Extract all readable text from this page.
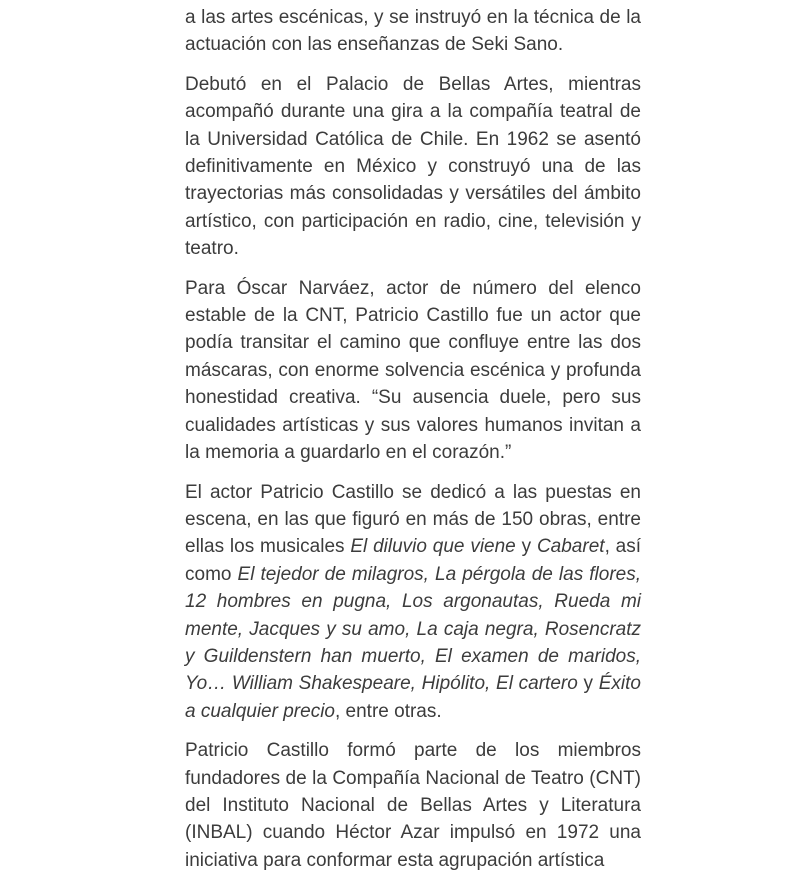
a las artes escénicas, y se instruyó en la técnica de la actuación con las enseñanzas de Seki Sano.

Debutó en el Palacio de Bellas Artes, mientras acompañó durante una gira a la compañía teatral de la Universidad Católica de Chile. En 1962 se asentó definitivamente en México y construyó una de las trayectorias más consolidadas y versátiles del ámbito artístico, con participación en radio, cine, televisión y teatro.

Para Óscar Narváez, actor de número del elenco estable de la CNT, Patricio Castillo fue un actor que podía transitar el camino que confluye entre las dos máscaras, con enorme solvencia escénica y profunda honestidad creativa. “Su ausencia duele, pero sus cualidades artísticas y sus valores humanos invitan a la memoria a guardarlo en el corazón.”

El actor Patricio Castillo se dedicó a las puestas en escena, en las que figuró en más de 150 obras, entre ellas los musicales El diluvio que viene y Cabaret, así como El tejedor de milagros, La pérgola de las flores, 12 hombres en pugna, Los argonautas, Rueda mi mente, Jacques y su amo, La caja negra, Rosencratz y Guildenstern han muerto, El examen de maridos, Yo… William Shakespeare, Hipólito, El cartero y Éxito a cualquier precio, entre otras.

Patricio Castillo formó parte de los miembros fundadores de la Compañía Nacional de Teatro (CNT) del Instituto Nacional de Bellas Artes y Literatura (INBAL) cuando Héctor Azar impulsó en 1972 una iniciativa para conformar esta agrupación artística
